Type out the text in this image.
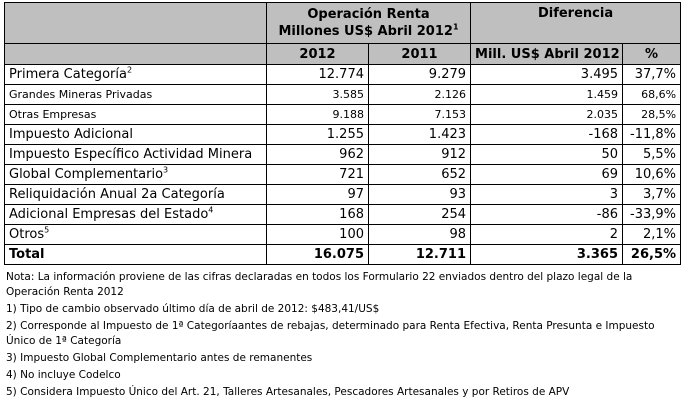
	Operación Renta
Millones US$ Abril 2012$^1$		Diferencia	
	2012	2011	Mill. US$ Abril 2012	%
Primera Categoría$^2$	12.774	9.279	3.495	37,7%
Grandes Mineras Privadas	3.585	2.126	1.459	68,6%
Otras Empresas	9.188	7.153	2.035	28,5%
Impuesto Adicional	1.255	1.423	-168	-11,8%
Impuesto Específico Actividad Minera	962	912	50	5,5%
Global Complementario$^3$	721	652	69	10,6%
Reliquidación Anual 2a Categoría	97	93	3	3,7%
Adicional Empresas del Estado$^4$	168	254	-86	-33,9%
Otros$^5$	100	98	2	2,1%
Total	16.075	12.711	3.365	26,5%

Nota: La información proviene de las cifras declaradas en todos los Formulario 22 enviados dentro del plazo legal de la Operación Renta 2012

1) Tipo de cambio observado último día de abril de 2012: $483,41/US$

2) Corresponde al Impuesto de 1ª Categoríaantes de rebajas, determinado para Renta Efectiva, Renta Presunta e Impuesto Único de 1ª Categoría

3) Impuesto Global Complementario antes de remanentes

4) No incluye Codelco

5) Considera Impuesto Único del Art. 21, Talleres Artesanales, Pescadores Artesanales y por Retiros de APV
